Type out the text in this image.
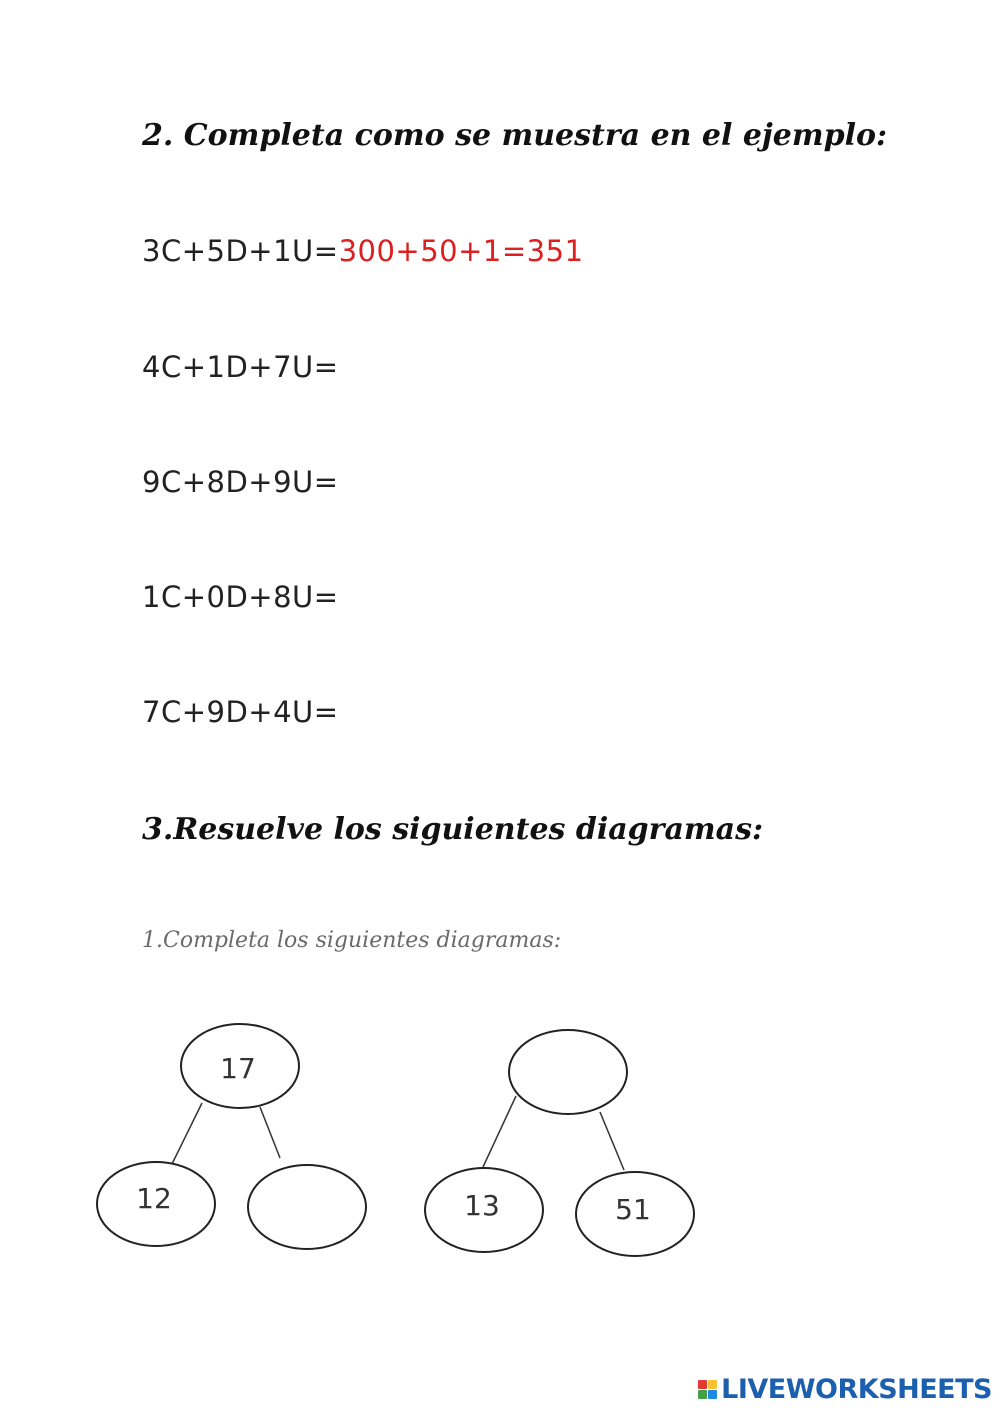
2. Completa como se muestra en el ejemplo:
3C+5D+1U=300+50+1=351
4C+1D+7U=
9C+8D+9U=
1C+0D+8U=
7C+9D+4U=
3.Resuelve los siguientes diagramas:
1.Completa los siguientes diagramas:
17
12	13	51
LIVEWORKSHEETS
